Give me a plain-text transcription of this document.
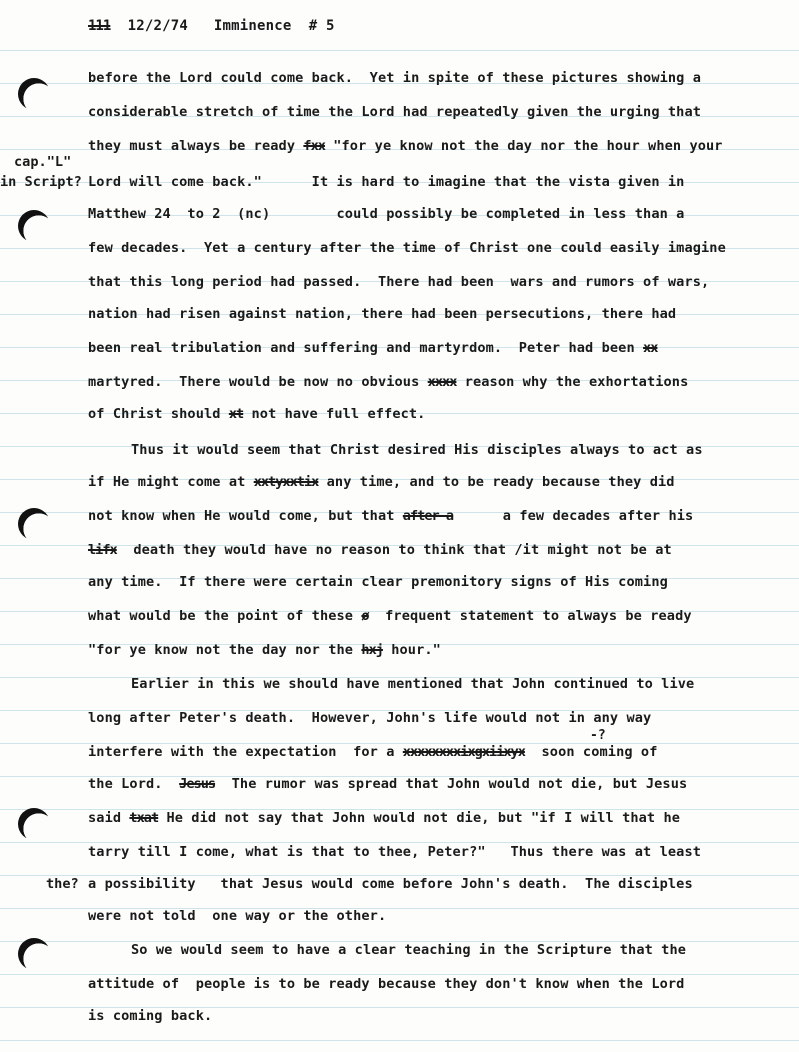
111 12/2/74 Imminence # 5
cap."L"
in Script?
the?
-?
before the Lord could come back.  Yet in spite of these pictures showing a
considerable stretch of time the Lord had repeatedly given the urging that
they must always be ready fxx "for ye know not the day nor the hour when your
Lord will come back."      It is hard to imagine that the vista given in
Matthew 24  to 2  (nc)        could possibly be completed in less than a
few decades.  Yet a century after the time of Christ one could easily imagine
that this long period had passed.  There had been  wars and rumors of wars,
nation had risen against nation, there had been persecutions, there had
been real tribulation and suffering and martyrdom.  Peter had been xx
martyred.  There would be now no obvious xxxx reason why the exhortations
of Christ should xt not have full effect.
Thus it would seem that Christ desired His disciples always to act as
if He might come at xxtyxxtix any time, and to be ready because they did
not know when He would come, but that after a      a few decades after his
lifx  death they would have no reason to think that /it might not be at
any time.  If there were certain clear premonitory signs of His coming
what would be the point of these ø  frequent statement to always be ready
"for ye know not the day nor the hxj hour."
Earlier in this we should have mentioned that John continued to live
long after Peter's death.  However, John's life would not in any way
interfere with the expectation  for a xxxxxxxxixgxiixyx  soon coming of
the Lord.  Jesus  The rumor was spread that John would not die, but Jesus
said txat He did not say that John would not die, but "if I will that he
tarry till I come, what is that to thee, Peter?"   Thus there was at least
a possibility   that Jesus would come before John's death.  The disciples
were not told  one way or the other.
So we would seem to have a clear teaching in the Scripture that the
attitude of  people is to be ready because they don't know when the Lord
is coming back.
